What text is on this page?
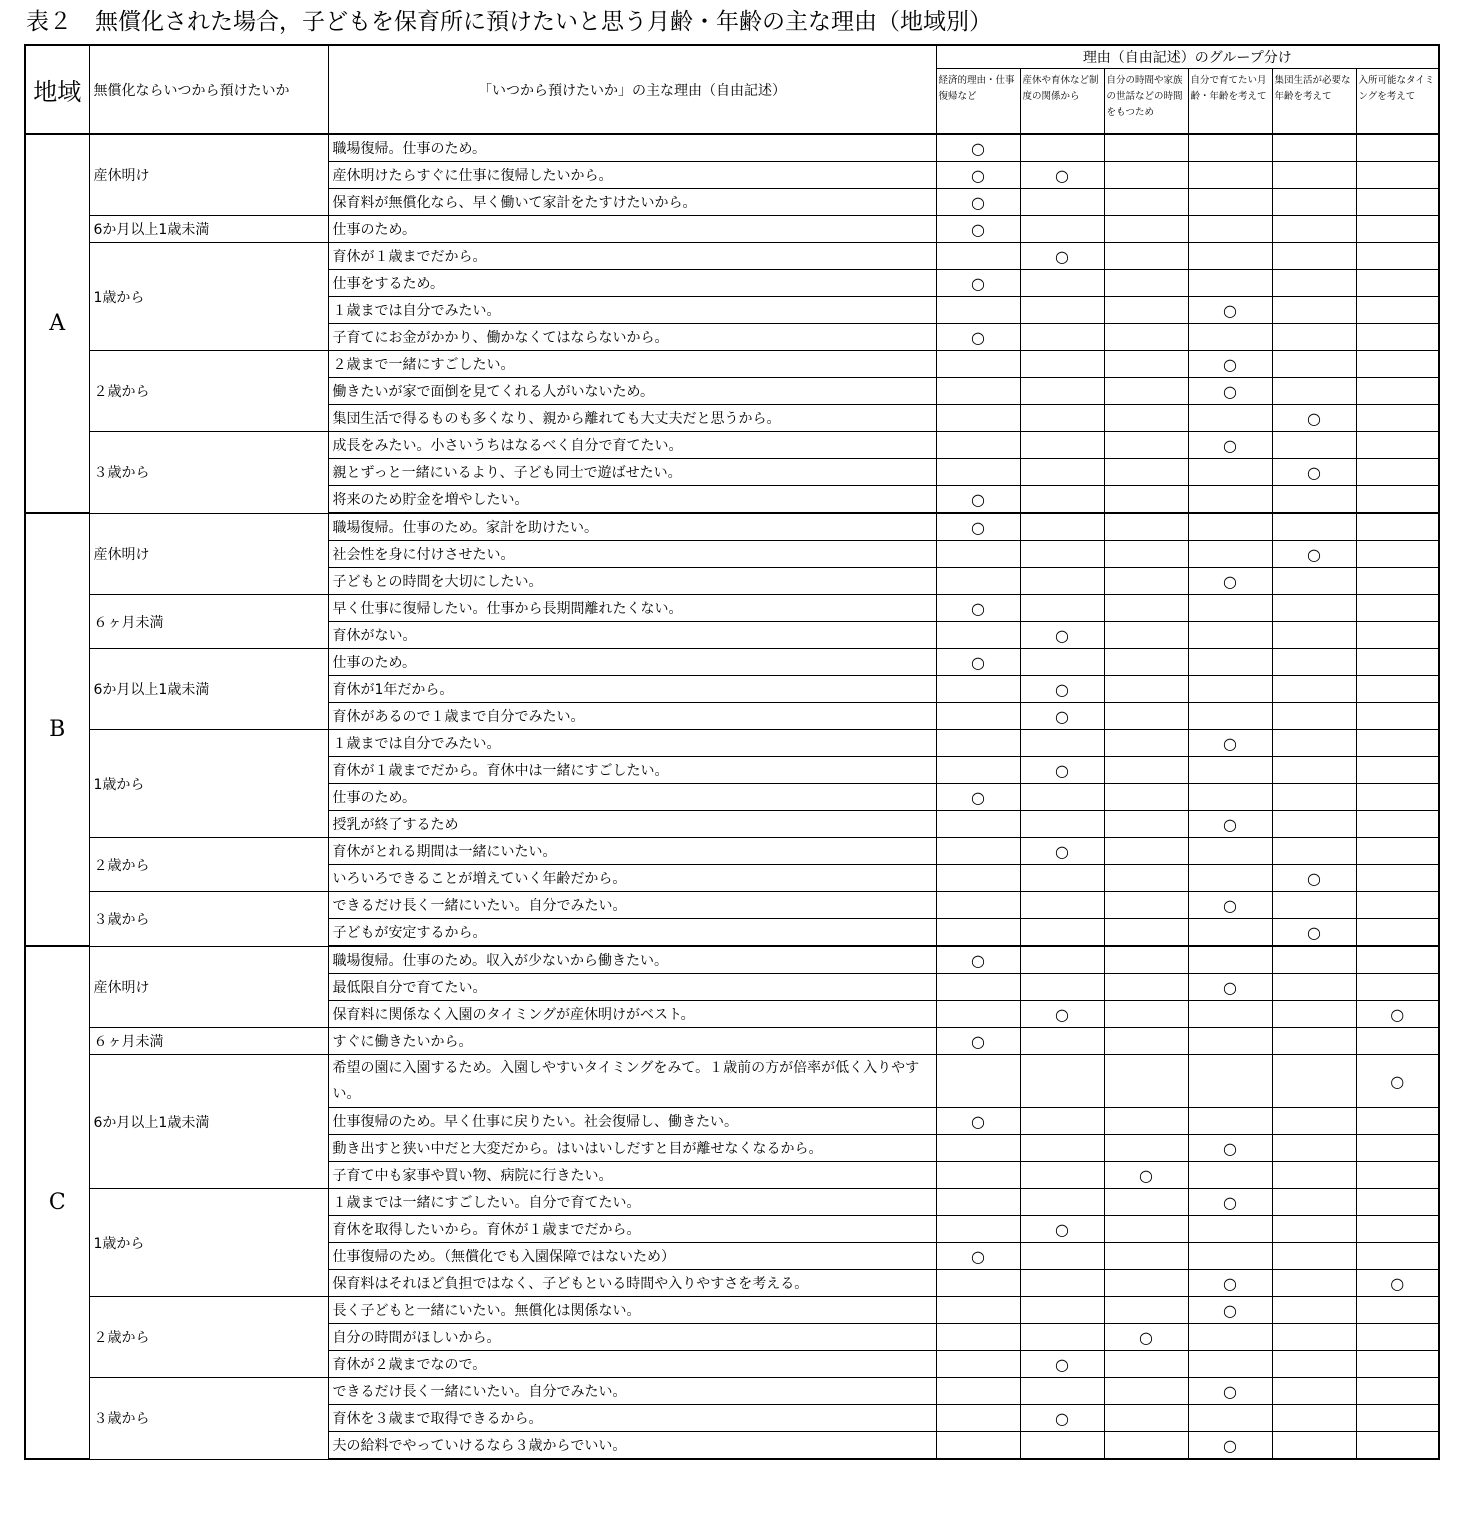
表２　無償化された場合，子どもを保育所に預けたいと思う月齢・年齢の主な理由（地域別）
地域	無償化ならいつから預けたいか	「いつから預けたいか」の主な理由（自由記述）	理由（自由記述）のグループ分け					
			経済的理由・仕事復帰など	産休や育休など制度の関係から	自分の時間や家族の世話などの時間をもつため	自分で育てたい月齢・年齢を考えて	集団生活が必要な年齢を考えて	入所可能なタイミングを考えて
A	産休明け	職場復帰。仕事のため。	○					
		産休明けたらすぐに仕事に復帰したいから。	○	○				
		保育料が無償化なら、早く働いて家計をたすけたいから。	○					
	6か月以上1歳未満	仕事のため。	○					
	1歳から	育休が１歳までだから。		○				
		仕事をするため。	○					
		１歳までは自分でみたい。				○		
		子育てにお金がかかり、働かなくてはならないから。	○					
	２歳から	２歳まで一緒にすごしたい。				○		
		働きたいが家で面倒を見てくれる人がいないため。				○		
		集団生活で得るものも多くなり、親から離れても大丈夫だと思うから。					○	
	３歳から	成長をみたい。小さいうちはなるべく自分で育てたい。				○		
		親とずっと一緒にいるより、子ども同士で遊ばせたい。					○	
		将来のため貯金を増やしたい。	○					
B	産休明け	職場復帰。仕事のため。家計を助けたい。	○					
		社会性を身に付けさせたい。					○	
		子どもとの時間を大切にしたい。				○		
	６ヶ月未満	早く仕事に復帰したい。仕事から長期間離れたくない。	○					
		育休がない。		○				
	6か月以上1歳未満	仕事のため。	○					
		育休が1年だから。		○				
		育休があるので１歳まで自分でみたい。		○				
	1歳から	１歳までは自分でみたい。				○		
		育休が１歳までだから。育休中は一緒にすごしたい。		○				
		仕事のため。	○					
		授乳が終了するため				○		
	２歳から	育休がとれる期間は一緒にいたい。		○				
		いろいろできることが増えていく年齢だから。					○	
	３歳から	できるだけ長く一緒にいたい。自分でみたい。				○		
		子どもが安定するから。					○	
C	産休明け	職場復帰。仕事のため。収入が少ないから働きたい。	○					
		最低限自分で育てたい。				○		
		保育料に関係なく入園のタイミングが産休明けがベスト。		○				○
	６ヶ月未満	すぐに働きたいから。	○					
	6か月以上1歳未満	希望の園に入園するため。入園しやすいタイミングをみて。１歳前の方が倍率が低く入りやすい。						○
		仕事復帰のため。早く仕事に戻りたい。社会復帰し、働きたい。	○					
		動き出すと狭い中だと大変だから。はいはいしだすと目が離せなくなるから。				○		
		子育て中も家事や買い物、病院に行きたい。			○			
	1歳から	１歳までは一緒にすごしたい。自分で育てたい。				○		
		育休を取得したいから。育休が１歳までだから。		○				
		仕事復帰のため。（無償化でも入園保障ではないため）	○					
		保育料はそれほど負担ではなく、子どもといる時間や入りやすさを考える。				○		○
	２歳から	長く子どもと一緒にいたい。無償化は関係ない。				○		
		自分の時間がほしいから。			○			
		育休が２歳までなので。		○				
	３歳から	できるだけ長く一緒にいたい。自分でみたい。				○		
		育休を３歳まで取得できるから。		○				
		夫の給料でやっていけるなら３歳からでいい。				○		
